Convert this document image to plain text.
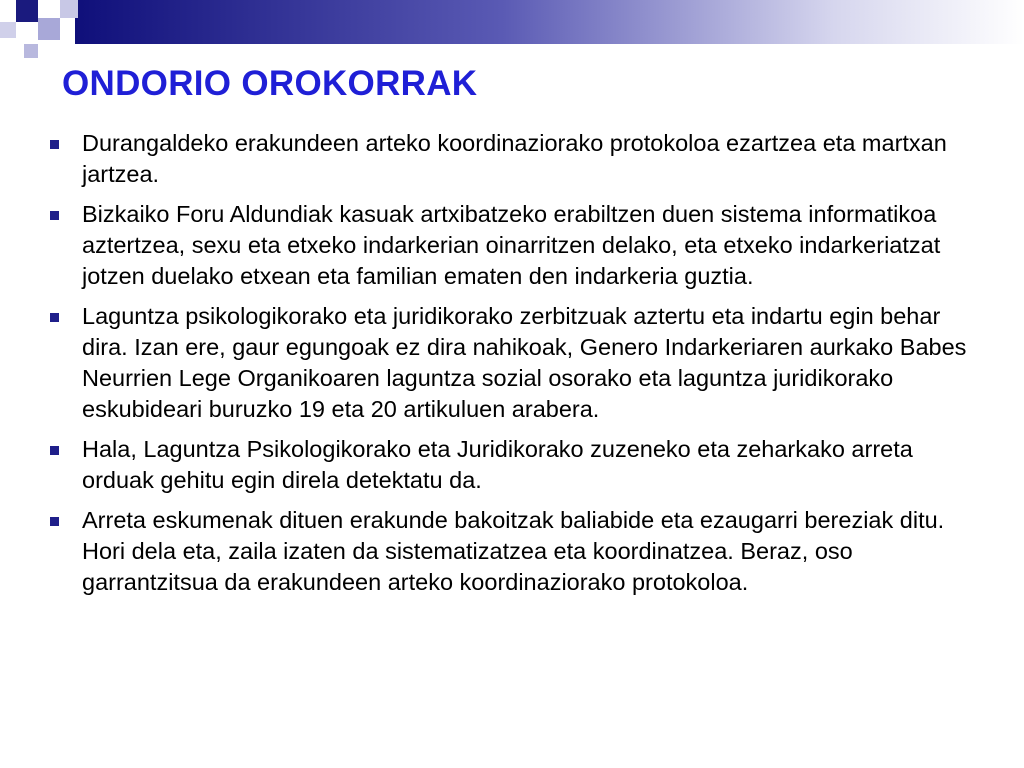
ONDORIO OROKORRAK
Durangaldeko erakundeen arteko koordinaziorako protokoloa ezartzea eta martxan jartzea.
Bizkaiko Foru Aldundiak kasuak artxibatzeko erabiltzen duen sistema informatikoa aztertzea, sexu eta etxeko indarkerian oinarritzen delako, eta etxeko indarkeriatzat jotzen duelako etxean eta familian ematen den indarkeria guztia.
Laguntza psikologikorako eta juridikorako zerbitzuak aztertu eta indartu egin behar dira. Izan ere, gaur egungoak ez dira nahikoak, Genero Indarkeriaren aurkako Babes Neurrien Lege Organikoaren laguntza sozial osorako eta laguntza juridikorako eskubideari buruzko 19 eta 20 artikuluen arabera.
Hala, Laguntza Psikologikorako eta Juridikorako zuzeneko eta zeharkako arreta orduak gehitu egin direla detektatu da.
Arreta eskumenak dituen erakunde bakoitzak baliabide eta ezaugarri bereziak ditu. Hori dela eta, zaila izaten da sistematizatzea eta koordinatzea. Beraz, oso garrantzitsua da erakundeen arteko koordinaziorako protokoloa.
